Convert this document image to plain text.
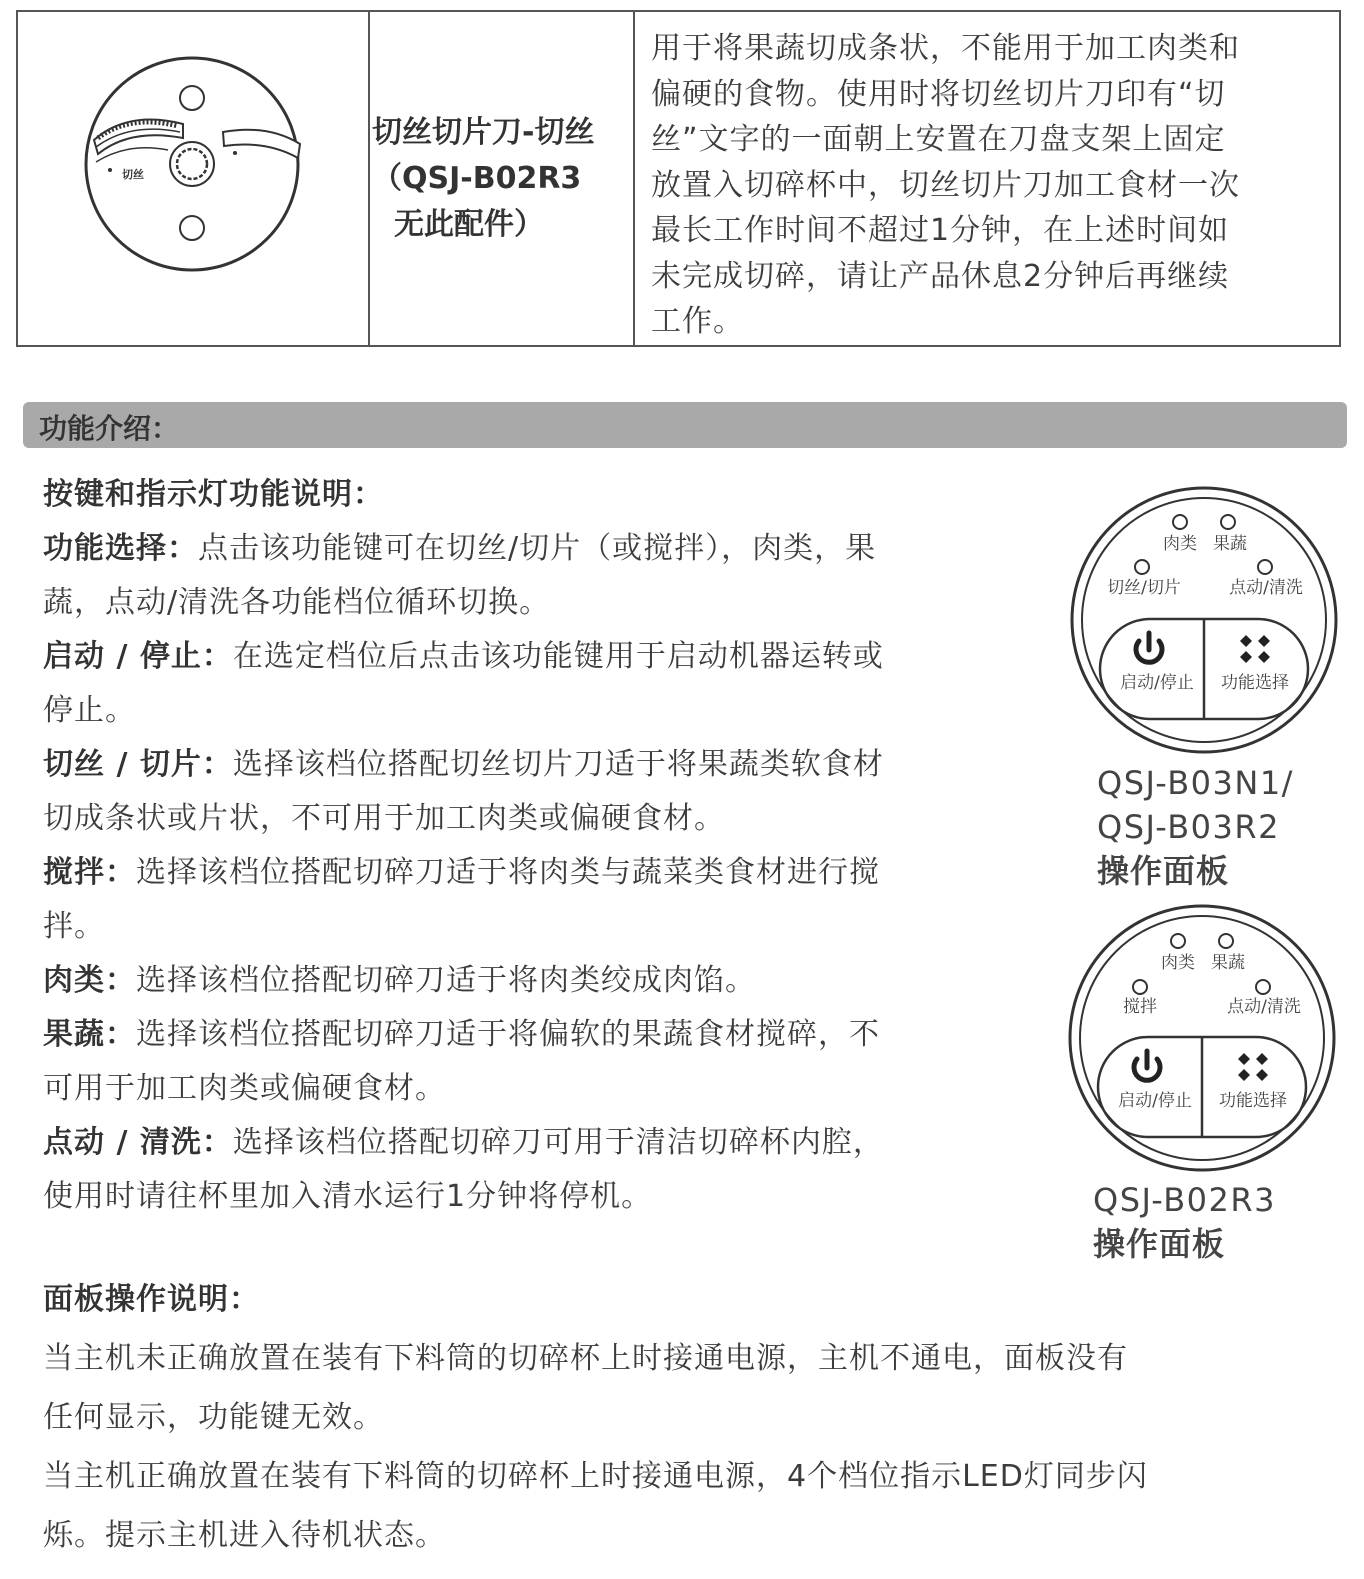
切丝
切丝切片刀-切丝
（QSJ-B02R3
无此配件）
用于将果蔬切成条状，不能用于加工肉类和
偏硬的食物。使用时将切丝切片刀印有“切
丝”文字的一面朝上安置在刀盘支架上固定
放置入切碎杯中，切丝切片刀加工食材一次
最长工作时间不超过1分钟，在上述时间如
未完成切碎，请让产品休息2分钟后再继续
工作。
功能介绍：
按键和指示灯功能说明：
功能选择：点击该功能键可在切丝/切片（或搅拌），肉类，果
蔬，点动/清洗各功能档位循环切换。
启动 / 停止：在选定档位后点击该功能键用于启动机器运转或
停止。
切丝 / 切片：选择该档位搭配切丝切片刀适于将果蔬类软食材
切成条状或片状，不可用于加工肉类或偏硬食材。
搅拌：选择该档位搭配切碎刀适于将肉类与蔬菜类食材进行搅
拌。
肉类：选择该档位搭配切碎刀适于将肉类绞成肉馅。
果蔬：选择该档位搭配切碎刀适于将偏软的果蔬食材搅碎，不
可用于加工肉类或偏硬食材。
点动 / 清洗：选择该档位搭配切碎刀可用于清洁切碎杯内腔，
使用时请往杯里加入清水运行1分钟将停机。
肉类 果蔬
切丝/切片	点动/清洗
启动/停止 功能选择
QSJ-B03N1/
QSJ-B03R2
操作面板
肉类 果蔬
搅拌	点动/清洗
启动/停止 功能选择
QSJ-B02R3
操作面板
面板操作说明：
当主机未正确放置在装有下料筒的切碎杯上时接通电源，主机不通电，面板没有
任何显示，功能键无效。
当主机正确放置在装有下料筒的切碎杯上时接通电源，4个档位指示LED灯同步闪
烁。提示主机进入待机状态。
